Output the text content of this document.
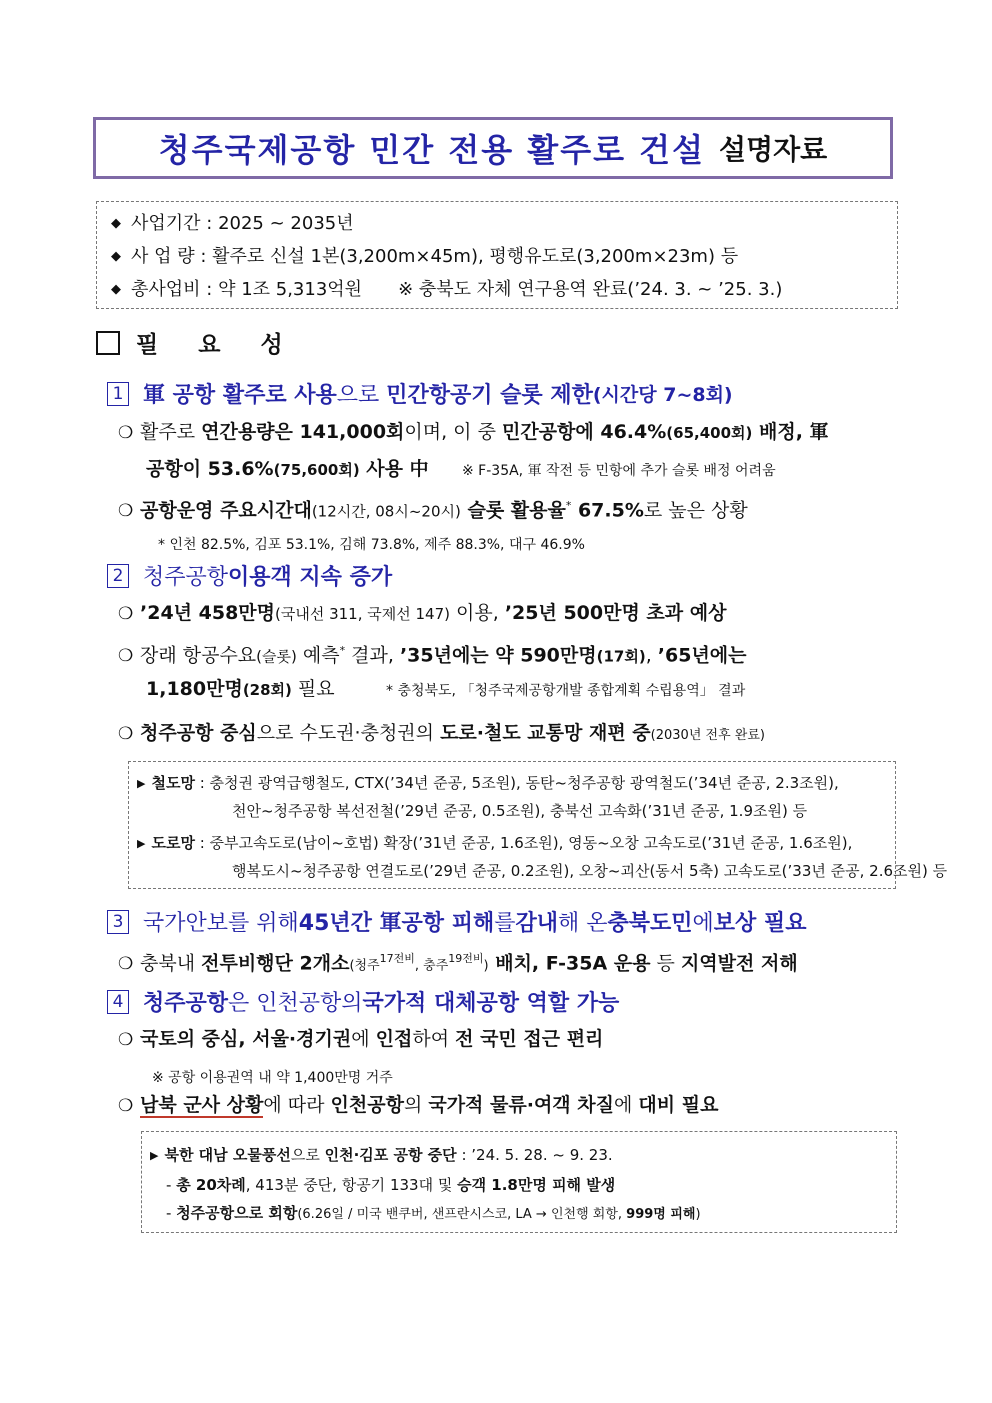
청주국제공항 민간 전용 활주로 건설 설명자료
◆ 사업기간 : 2025 ~ 2035년
◆ 사 업 량 : 활주로 신설 1본(3,200m×45m), 평행유도로(3,200m×23m) 등
◆ 총사업비 : 약 1조 5,313억원 ※ 충북도 자체 연구용역 완료(’24. 3. ~ ’25. 3.)
필 요 성
1 軍 공항 활주로 사용 으로
민간항공기 슬롯 제한 (시간당 7~8회)
❍ 활주로 연간용량은 141,000회이며, 이 중 민간공항에 46.4%(65,400회) 배정, 軍
공항이 53.6%(75,600회) 사용 中 ※ F-35A, 軍 작전 등 민항에 추가 슬롯 배정 어려움
❍ 공항운영 주요시간대(12시간, 08시~20시) 슬롯 활용율* 67.5%로 높은 상황
* 인천 82.5%, 김포 53.1%, 김해 73.8%, 제주 88.3%, 대구 46.9%
2 청주공항 이용객 지속 증가
❍ ’24년 458만명(국내선 311, 국제선 147) 이용, ’25년 500만명 초과 예상
❍ 장래 항공수요(슬롯) 예측* 결과, ’35년에는 약 590만명(17회), ’65년에는
1,180만명(28회) 필요	* 충청북도, 「청주국제공항개발 종합계획 수립용역」 결과
❍ 청주공항 중심으로 수도권·충청권의 도로·철도 교통망 재편 중(2030년 전후 완료)
▶ 철도망 : 충청권 광역급행철도, CTX(’34년 준공, 5조원), 동탄~청주공항 광역철도(’34년 준공, 2.3조원),
천안~청주공항 복선전철(’29년 준공, 0.5조원), 충북선 고속화(’31년 준공, 1.9조원) 등
▶ 도로망 : 중부고속도로(남이~호법) 확장(’31년 준공, 1.6조원), 영동~오창 고속도로(’31년 준공, 1.6조원),
행복도시~청주공항 연결도로(’29년 준공, 0.2조원), 오창~괴산(동서 5축) 고속도로(’33년 준공, 2.6조원) 등
3 국가안보 를 위해 45년간 軍공항 피해 를 감내 해 온 충북도민 에 보상 필요
❍ 충북내 전투비행단 2개소(청주$^{17전비}$, 충주$^{19전비}$) 배치, F-35A 운용 등 지역발전 저해
4 청주공항 은 인천공항의 국가적 대체공항 역할 가능
❍ 국토의 중심, 서울·경기권에 인접하여 전 국민 접근 편리
※ 공항 이용권역 내 약 1,400만명 거주
❍ 남북 군사 상황에 따라 인천공항의 국가적 물류·여객 차질에 대비 필요
▶ 북한 대남 오물풍선으로 인천·김포 공항 중단 : ’24. 5. 28. ~ 9. 23.
- 총 20차례, 413분 중단, 항공기 133대 및 승객 1.8만명 피해 발생
- 청주공항으로 회항(6.26일 / 미국 밴쿠버, 샌프란시스코, LA → 인천행 회항, 999명 피해)
